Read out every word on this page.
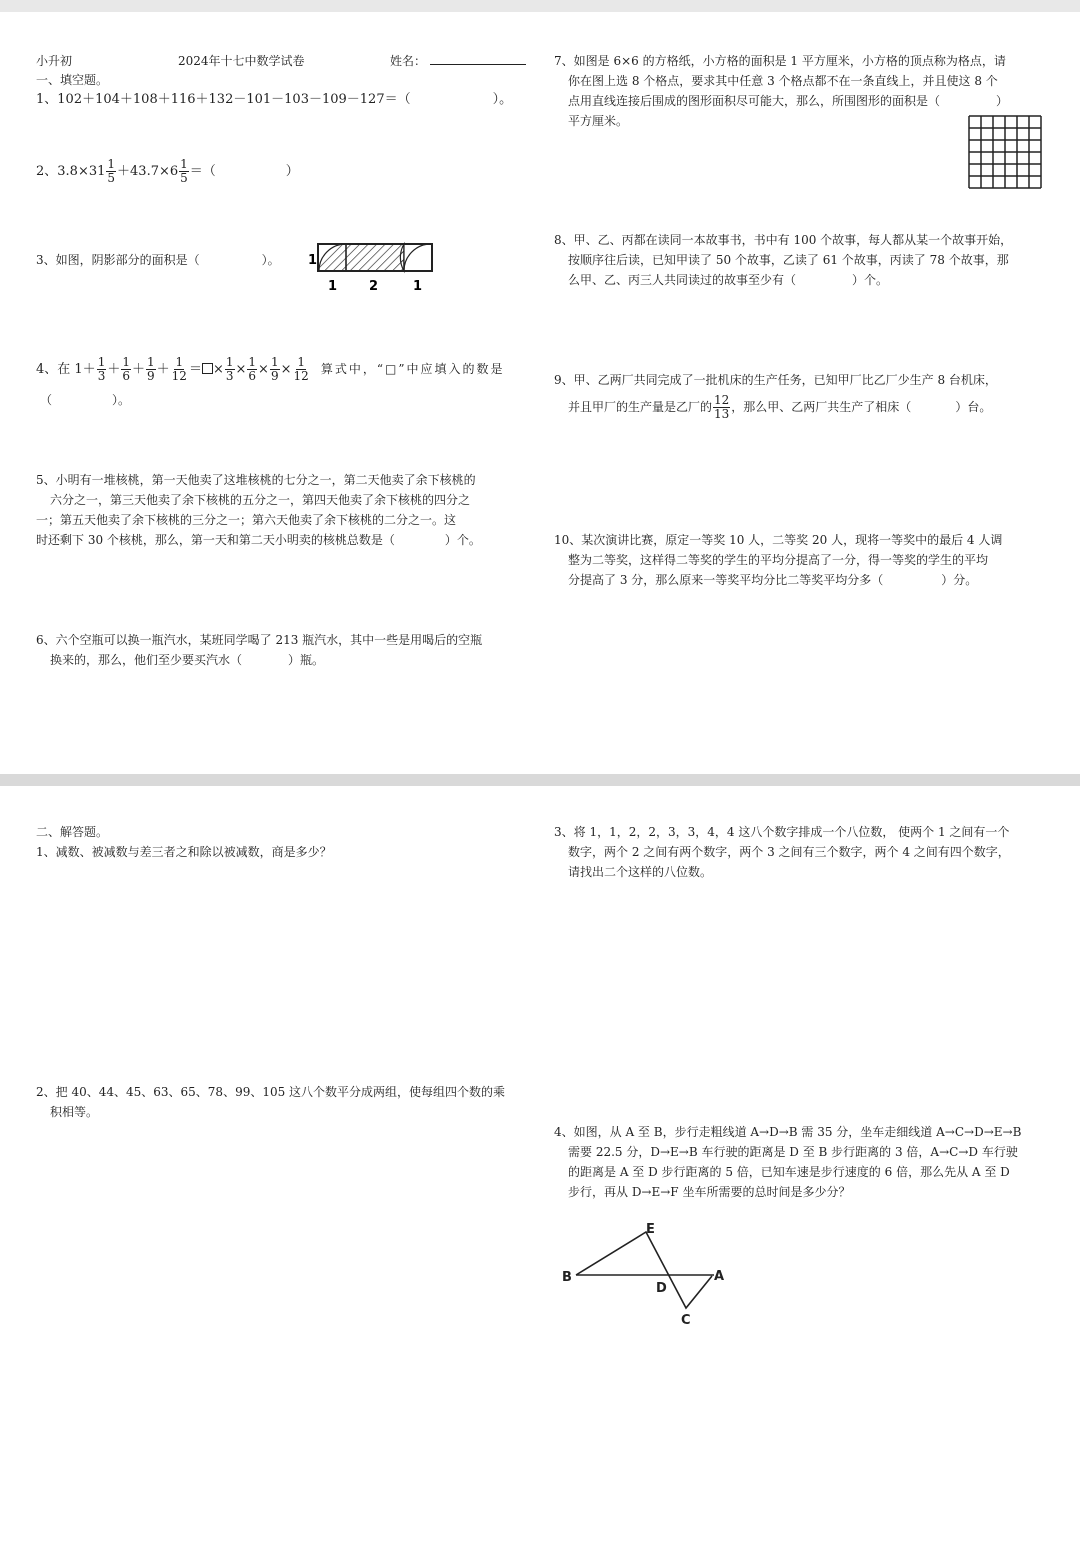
小升初	2024年十七中数学试卷	姓名：
一、填空题。
1、102＋104＋108＋116＋132－101－103－109－127＝（	）。
2、$3.8\times 31 \frac{1}{5} +43.7\times 6 \frac{1}{5}$ ＝（	）
3、如图，阴影部分的面积是（	）。 1
1 2	1
4、在 $1+ \frac{1}{3} + \frac{1}{6} + \frac{1}{9} + \frac{1}{12}$ ＝ × $\frac{1}{3} \times \frac{1}{6} \times \frac{1}{9} \times \frac{1}{12}$ 算式中，“□”中应填入的数是
（	）。
5、小明有一堆核桃，第一天他卖了这堆核桃的七分之一，第二天他卖了余下核桃的
六分之一，第三天他卖了余下核桃的五分之一，第四天他卖了余下核桃的四分之
一；第五天他卖了余下核桃的三分之一；第六天他卖了余下核桃的二分之一。这
时还剩下 30 个核桃，那么，第一天和第二天小明卖的核桃总数是（	）个。
6、六个空瓶可以换一瓶汽水，某班同学喝了 213 瓶汽水，其中一些是用喝后的空瓶
换来的，那么，他们至少要买汽水（	）瓶。
7、如图是 6×6 的方格纸，小方格的面积是 1 平方厘米，小方格的顶点称为格点，请
你在图上选 8 个格点，要求其中任意 3 个格点都不在一条直线上，并且使这 8 个
点用直线连接后围成的图形面积尽可能大，那么，所围图形的面积是（	）
平方厘米。
8、甲、乙、丙都在读同一本故事书，书中有 100 个故事，每人都从某一个故事开始，
按顺序往后读，已知甲读了 50 个故事，乙读了 61 个故事，丙读了 78 个故事，那
么甲、乙、丙三人共同读过的故事至少有（	）个。
9、甲、乙两厂共同完成了一批机床的生产任务，已知甲厂比乙厂少生产 8 台机床，
并且甲厂的生产量是乙厂的 $\frac{12}{13}$ ，那么甲、乙两厂共生产了相床（	）台。
10、某次演讲比赛，原定一等奖 10 人，二等奖 20 人，现将一等奖中的最后 4 人调
整为二等奖，这样得二等奖的学生的平均分提高了一分，得一等奖的学生的平均
分提高了 3 分，那么原来一等奖平均分比二等奖平均分多（	）分。
二、解答题。
1、减数、被减数与差三者之和除以被减数，商是多少？
2、把 40、44、45、63、65、78、99、105 这八个数平分成两组，使每组四个数的乘
积相等。
3、将 1，1，2，2，3，3，4，4 这八个数字排成一个八位数， 使两个 1 之间有一个
数字，两个 2 之间有两个数字，两个 3 之间有三个数字，两个 4 之间有四个数字，
请找出二个这样的八位数。
4、如图，从 A 至 B，步行走粗线道 A→D→B 需 35 分，坐车走细线道 A→C→D→E→B
需要 22.5 分，D→E→B 车行驶的距离是 D 至 B 步行距离的 3 倍，A→C→D 车行驶
的距离是 A 至 D 步行距离的 5 倍，已知车速是步行速度的 6 倍，那么先从 A 至 D
步行，再从 D→E→F 坐车所需要的总时间是多少分？
E
B
D
A
C
